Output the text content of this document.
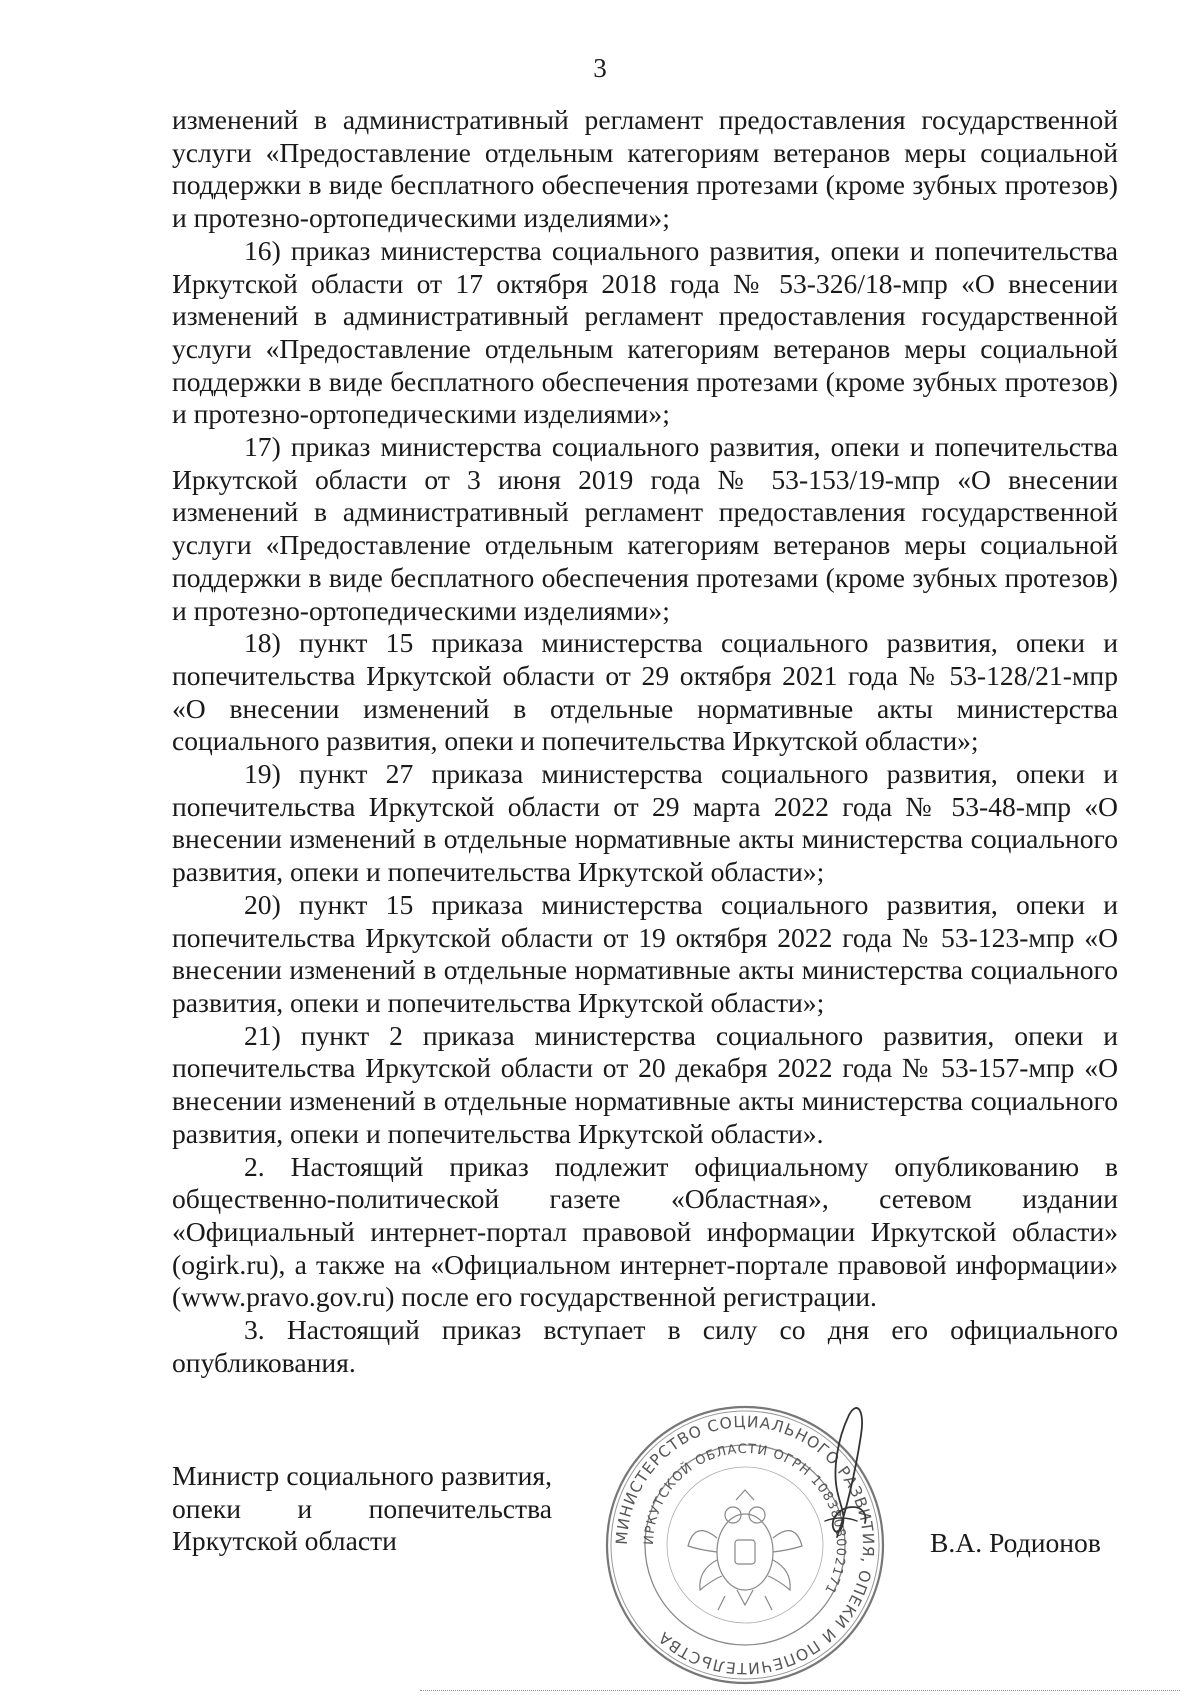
3

изменений в административный регламент предоставления государственной услуги «Предоставление отдельным категориям ветеранов меры социальной поддержки в виде бесплатного обеспечения протезами (кроме зубных протезов) и протезно-ортопедическими изделиями»;

16) приказ министерства социального развития, опеки и попечительства Иркутской области от 17 октября 2018 года № 53-326/18-мпр «О внесении изменений в административный регламент предоставления государственной услуги «Предоставление отдельным категориям ветеранов меры социальной поддержки в виде бесплатного обеспечения протезами (кроме зубных протезов) и протезно-ортопедическими изделиями»;

17) приказ министерства социального развития, опеки и попечительства Иркутской области от 3 июня 2019 года № 53-153/19-мпр «О внесении изменений в административный регламент предоставления государственной услуги «Предоставление отдельным категориям ветеранов меры социальной поддержки в виде бесплатного обеспечения протезами (кроме зубных протезов) и протезно-ортопедическими изделиями»;

18) пункт 15 приказа министерства социального развития, опеки и попечительства Иркутской области от 29 октября 2021 года № 53-128/21-мпр «О внесении изменений в отдельные нормативные акты министерства социального развития, опеки и попечительства Иркутской области»;

19) пункт 27 приказа министерства социального развития, опеки и попечительства Иркутской области от 29 марта 2022 года № 53-48-мпр «О внесении изменений в отдельные нормативные акты министерства социального развития, опеки и попечительства Иркутской области»;

20) пункт 15 приказа министерства социального развития, опеки и попечительства Иркутской области от 19 октября 2022 года № 53-123-мпр «О внесении изменений в отдельные нормативные акты министерства социального развития, опеки и попечительства Иркутской области»;

21) пункт 2 приказа министерства социального развития, опеки и попечительства Иркутской области от 20 декабря 2022 года № 53-157-мпр «О внесении изменений в отдельные нормативные акты министерства социального развития, опеки и попечительства Иркутской области».

2. Настоящий приказ подлежит официальному опубликованию в общественно-политической газете «Областная», сетевом издании «Официальный интернет-портал правовой информации Иркутской области» (ogirk.ru), а также на «Официальном интернет-портале правовой информации» (www.pravo.gov.ru) после его государственной регистрации.

3. Настоящий приказ вступает в силу со дня его официального опубликования.

Министр социального развития,
опеки и попечительства
Иркутской области	МИНИСТЕРСТВО СОЦИАЛЬНОГО РАЗВИТИЯ, ОПЕКИ И ПОПЕЧИТЕЛЬСТВА
ИРКУТСКОЙ ОБЛАСТИ ОГРН 1083808002171
В.А. Родионов
